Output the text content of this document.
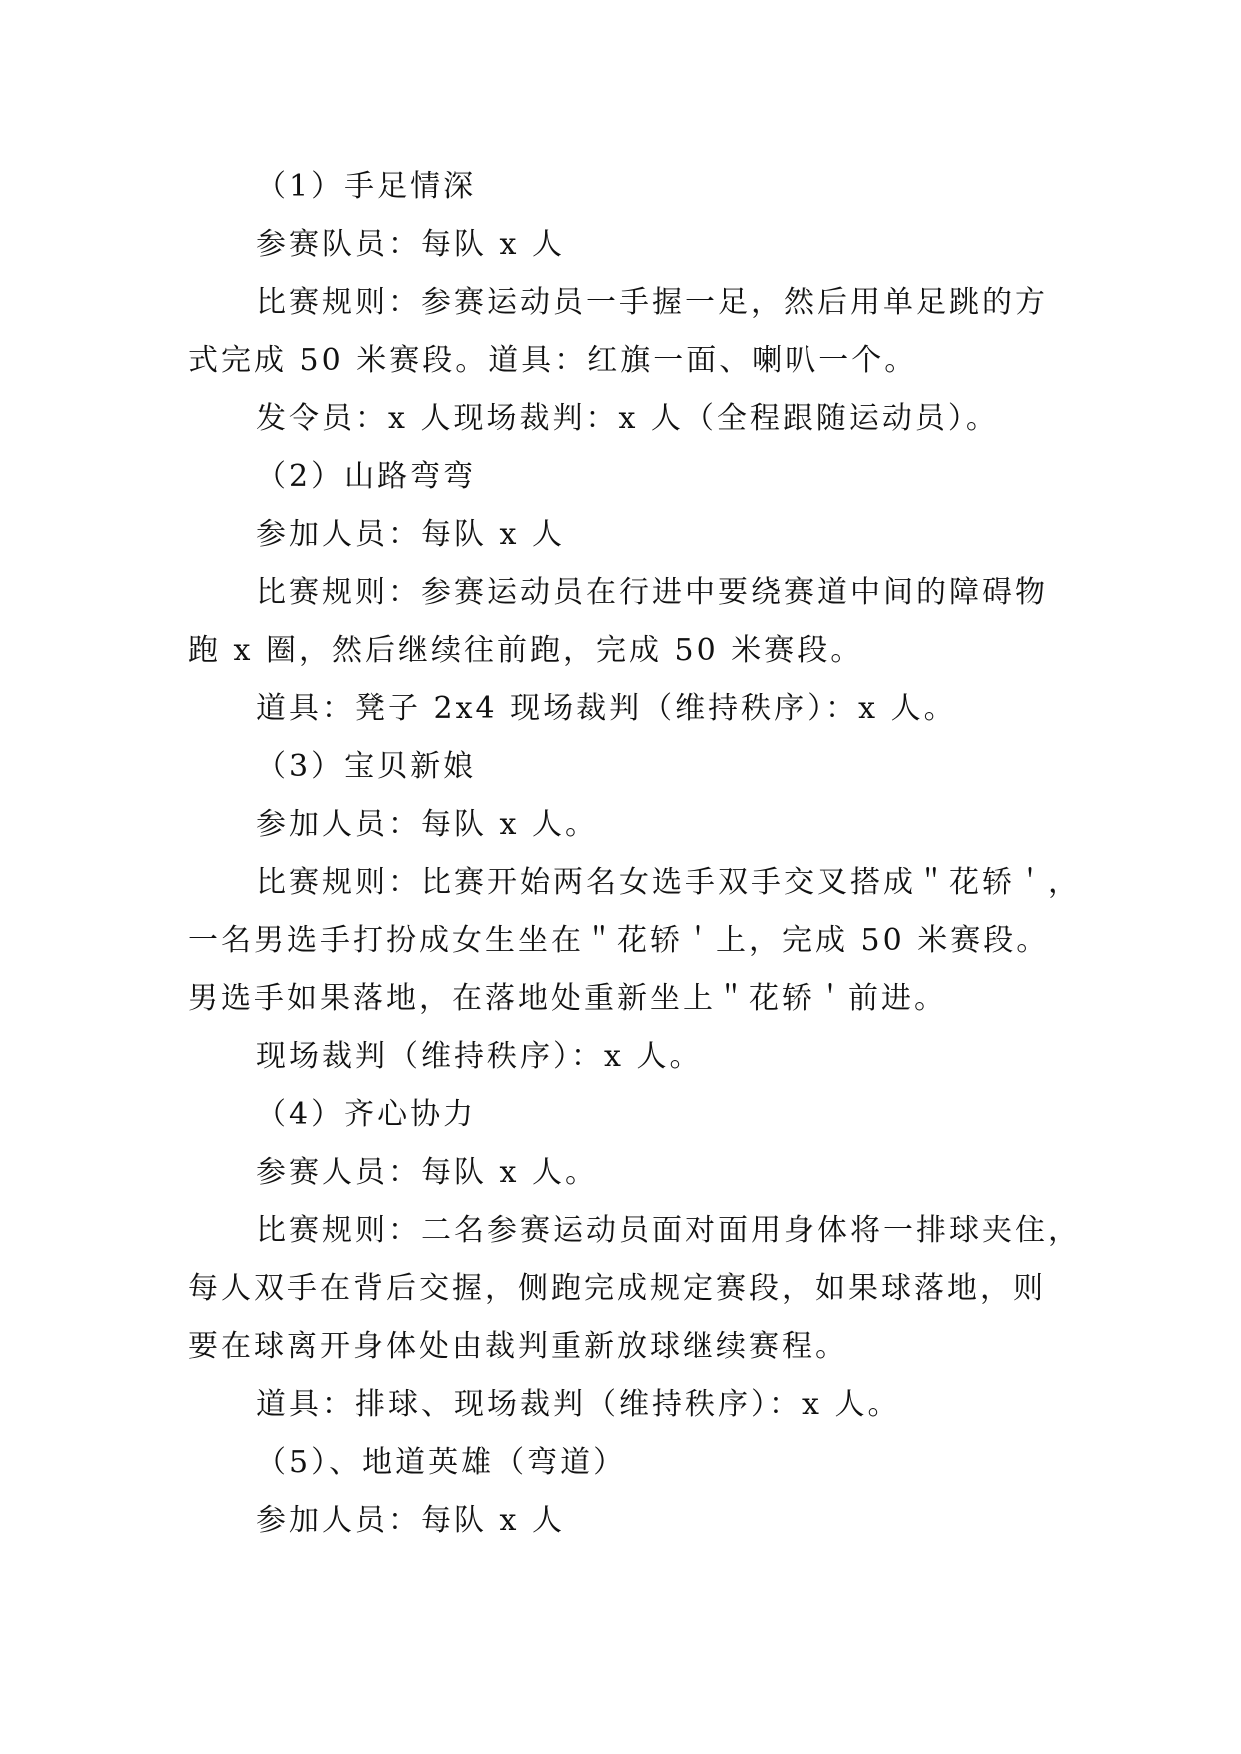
（1）手足情深
参赛队员：每队 x 人
比赛规则：参赛运动员一手握一足，然后用单足跳的方
式完成 50 米赛段。道具：红旗一面、喇叭一个。
发令员：x 人现场裁判：x 人（全程跟随运动员）。
（2）山路弯弯
参加人员：每队 x 人
比赛规则：参赛运动员在行进中要绕赛道中间的障碍物
跑 x 圈，然后继续往前跑，完成 50 米赛段。
道具：凳子 2x4 现场裁判（维持秩序）：x 人。
（3）宝贝新娘
参加人员：每队 x 人。
比赛规则：比赛开始两名女选手双手交叉搭成＂花轿＇，
一名男选手打扮成女生坐在＂花轿＇上，完成 50 米赛段。
男选手如果落地，在落地处重新坐上＂花轿＇前进。
现场裁判（维持秩序）：x 人。
（4）齐心协力
参赛人员：每队 x 人。
比赛规则：二名参赛运动员面对面用身体将一排球夹住，
每人双手在背后交握，侧跑完成规定赛段，如果球落地，则
要在球离开身体处由裁判重新放球继续赛程。
道具：排球、现场裁判（维持秩序）：x 人。
（5）、地道英雄（弯道）
参加人员：每队 x 人
